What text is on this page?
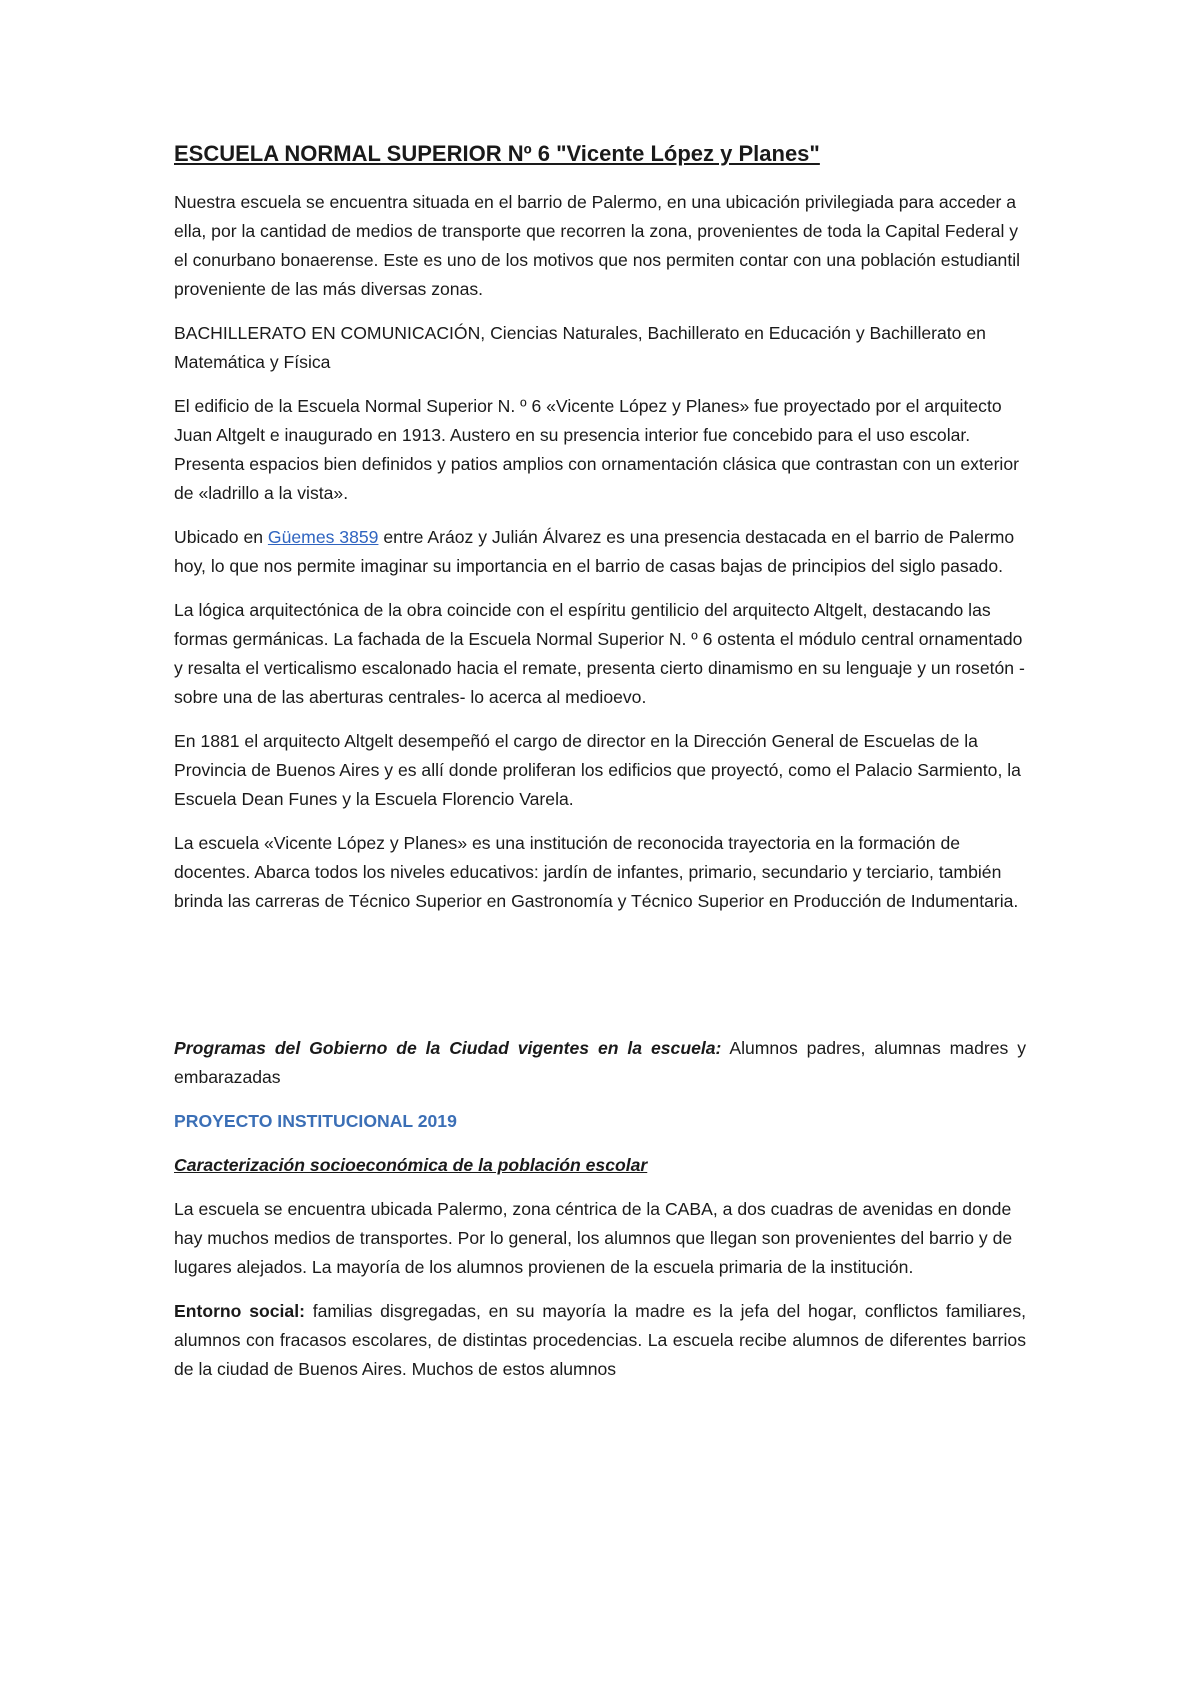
ESCUELA NORMAL SUPERIOR Nº 6 "Vicente López y Planes"

Nuestra escuela se encuentra situada en el barrio de Palermo, en una ubicación privilegiada para acceder a ella, por la cantidad de medios de transporte que recorren la zona, provenientes de toda la Capital Federal y el conurbano bonaerense. Este es uno de los motivos que nos permiten contar con una población estudiantil proveniente de las más diversas zonas.

BACHILLERATO EN COMUNICACIÓN, Ciencias Naturales, Bachillerato en Educación y Bachillerato en Matemática y Física

El edificio de la Escuela Normal Superior N. º 6 «Vicente López y Planes» fue proyectado por el arquitecto Juan Altgelt e inaugurado en 1913. Austero en su presencia interior fue concebido para el uso escolar. Presenta espacios bien definidos y patios amplios con ornamentación clásica que contrastan con un exterior de «ladrillo a la vista».

Ubicado en Güemes 3859 entre Aráoz y Julián Álvarez es una presencia destacada en el barrio de Palermo hoy, lo que nos permite imaginar su importancia en el barrio de casas bajas de principios del siglo pasado.

La lógica arquitectónica de la obra coincide con el espíritu gentilicio del arquitecto Altgelt, destacando las formas germánicas. La fachada de la Escuela Normal Superior N. º 6 ostenta el módulo central ornamentado y resalta el verticalismo escalonado hacia el remate, presenta cierto dinamismo en su lenguaje y un rosetón -sobre una de las aberturas centrales- lo acerca al medioevo.

En 1881 el arquitecto Altgelt desempeñó el cargo de director en la Dirección General de Escuelas de la Provincia de Buenos Aires y es allí donde proliferan los edificios que proyectó, como el Palacio Sarmiento, la Escuela Dean Funes y la Escuela Florencio Varela.

La escuela «Vicente López y Planes» es una institución de reconocida trayectoria en la formación de docentes. Abarca todos los niveles educativos: jardín de infantes, primario, secundario y terciario, también brinda las carreras de Técnico Superior en Gastronomía y Técnico Superior en Producción de Indumentaria.

Programas del Gobierno de la Ciudad vigentes en la escuela: Alumnos padres, alumnas madres y embarazadas

PROYECTO INSTITUCIONAL 2019
Caracterización socioeconómica de la población escolar

La escuela se encuentra ubicada Palermo, zona céntrica de la CABA, a dos cuadras de avenidas en donde hay muchos medios de transportes. Por lo general, los alumnos que llegan son provenientes del barrio y de lugares alejados. La mayoría de los alumnos provienen de la escuela primaria de la institución.

Entorno social: familias disgregadas, en su mayoría la madre es la jefa del hogar, conflictos familiares, alumnos con fracasos escolares, de distintas procedencias. La escuela recibe alumnos de diferentes barrios de la ciudad de Buenos Aires. Muchos de estos alumnos
